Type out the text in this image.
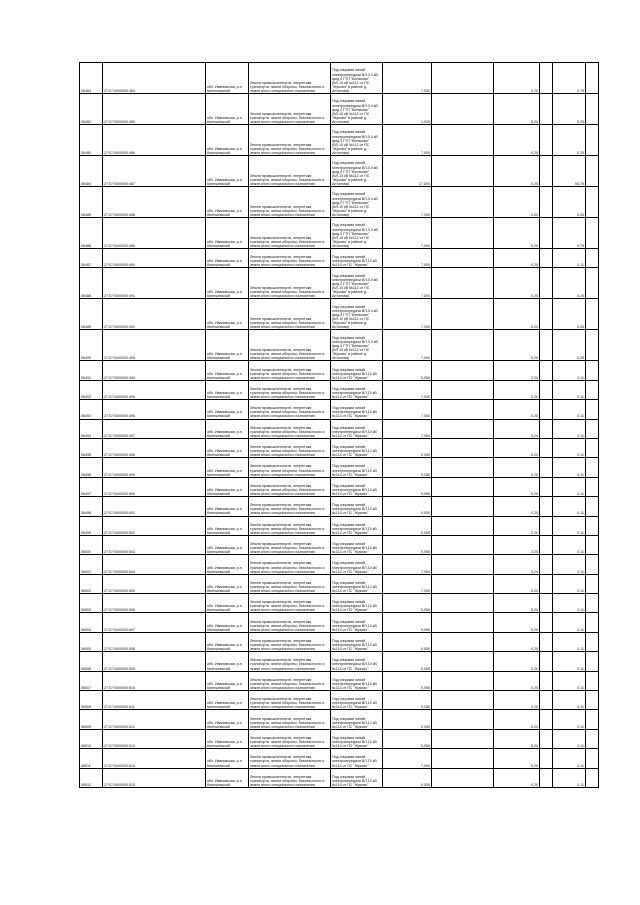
06484	27:07:0000000:484	обл. Ивановская, р-н Кинешемский	Земли промышленности, энергетики, транспорта, земли обороны, безопасности и земли иного специального назначения	Под опорами линий электропередачи ВЛ-0,4 кВ фид.4 ГТП "Беляково" (ВЛ-10 кВ №112 от ПС "Жуково" в районе д. Антонова)	7,000		0,20		0,75	
06482	27:07:0000000:485	обл. Ивановская, р-н Кинешемский	Земли промышленности, энергетики, транспорта, земли обороны, безопасности и земли иного специального назначения	Под опорами линий электропередачи ВЛ-0,4 кВ фид.2 ГТП "Беляково" (ВЛ-10 кВ №112 от ПС "Жуково" в районе д. Антонова)	1,000		0,20		0,25	
06480	27:07:0000000:486	обл. Ивановская, р-н Кинешемский	Земли промышленности, энергетики, транспорта, земли обороны, безопасности и земли иного специального назначения	Под опорами линий электропередачи ВЛ-0,4 кВ фид.3 ГТП "Беляково" (ВЛ-10 кВ №112 от ПС "Жуково" в районе д. Антонова)	7,000		0,20		0,25	
06484	27:07:0000000:487	обл. Ивановская, р-н Кинешемский	Земли промышленности, энергетики, транспорта, земли обороны, безопасности и земли иного специального назначения	Под опорами линий электропередачи ВЛ-0,4 кВ фид.4 ГТП "Беляково" (ВЛ-10 кВ №112 от ПС "Жуково" в районе д. Антонова)	17,000		0,20		54,75	
06489	27:07:0000000:488	обл. Ивановская, р-н Кинешемский	Земли промышленности, энергетики, транспорта, земли обороны, безопасности и земли иного специального назначения	Под опорами линий электропередачи ВЛ-0,4 кВ фид.2 ГТП "Беляково" (ВЛ-10 кВ №112 от ПС "Жуково" в районе д. Антонова)	7,000		2,00		0,25	
06486	27:07:0000000:489	обл. Ивановская, р-н Кинешемский	Земли промышленности, энергетики, транспорта, земли обороны, безопасности и земли иного специального назначения	Под опорами линий электропередачи ВЛ-0,4 кВ фид.3 ГТП "Беляково" (ВЛ-10 кВ №112 от ПС "Жуково" в районе д. Антонова)	7,000		0,20		0,75	
06487	27:07:0000000:490	обл. Ивановская, р-н Кинешемский	Земли промышленности, энергетики, транспорта, земли обороны, безопасности и земли иного специального назначения	Под опорами линий электропередачи ВЛ-10 кВ №114 от ПС "Жуково"	7,000		0,20		0,11	
06488	27:07:0000000:491	обл. Ивановская, р-н Кинешемский	Земли промышленности, энергетики, транспорта, земли обороны, безопасности и земли иного специального назначения	Под опорами линий электропередачи ВЛ-0,4 кВ фид.2 ГТП "Беляково" (ВЛ-10 кВ №112 от ПС "Жуково" в районе д. Антонова)	7,000		0,20		0,25	
06489	27:07:0000000:492	обл. Ивановская, р-н Кинешемский	Земли промышленности, энергетики, транспорта, земли обороны, безопасности и земли иного специального назначения	Под опорами линий электропередачи ВЛ-0,4 кВ фид.3 ГТП "Беляково" (ВЛ-10 кВ №112 от ПС "Жуково" в районе д. Антонова)	7,000		0,20		0,25	
06490	27:07:0000000:493	обл. Ивановская, р-н Кинешемский	Земли промышленности, энергетики, транспорта, земли обороны, безопасности и земли иного специального назначения	Под опорами линий электропередачи ВЛ-0,4 кВ фид.4 ГТП "Беляково" (ВЛ-10 кВ №112 от ПС "Жуково" в районе д. Антонова)	7,000		0,20		0,25	
06491	27:07:0000000:494	обл. Ивановская, р-н Кинешемский	Земли промышленности, энергетики, транспорта, земли обороны, безопасности и земли иного специального назначения	Под опорами линий электропередачи ВЛ-10 кВ №114 от ПС "Жуково"	0,050		2,20		0,11	
06492	27:07:0000000:495	обл. Ивановская, р-н Кинешемский	Земли промышленности, энергетики, транспорта, земли обороны, безопасности и земли иного специального назначения	Под опорами линий электропередачи ВЛ-10 кВ №114 от ПС "Жуково"	7,000		0,20		0,11	
06493	27:07:0000000:496	обл. Ивановская, р-н Кинешемский	Земли промышленности, энергетики, транспорта, земли обороны, безопасности и земли иного специального назначения	Под опорами линий электропередачи ВЛ-10 кВ №114 от ПС "Жуково"	7,000		0,20		0,11	
06494	27:07:0000000:497	обл. Ивановская, р-н Кинешемский	Земли промышленности, энергетики, транспорта, земли обороны, безопасности и земли иного специального назначения	Под опорами линий электропередачи ВЛ-10 кВ №114 от ПС "Жуково"	7,000		0,20		0,11	
06495	27:07:0000000:498	обл. Ивановская, р-н Кинешемский	Земли промышленности, энергетики, транспорта, земли обороны, безопасности и земли иного специального назначения	Под опорами линий электропередачи ВЛ-10 кВ №114 от ПС "Жуково"	0,050		0,20		0,11	
06496	27:07:0000000:499	обл. Ивановская, р-н Кинешемский	Земли промышленности, энергетики, транспорта, земли обороны, безопасности и земли иного специального назначения	Под опорами линий электропередачи ВЛ-10 кВ №114 от ПС "Жуково"	0,050		0,20		0,11	
06497	27:07:0000000:500	обл. Ивановская, р-н Кинешемский	Земли промышленности, энергетики, транспорта, земли обороны, безопасности и земли иного специального назначения	Под опорами линий электропередачи ВЛ-10 кВ №114 от ПС "Жуково"	0,050		0,20		0,11	
06498	27:07:0000000:501	обл. Ивановская, р-н Кинешемский	Земли промышленности, энергетики, транспорта, земли обороны, безопасности и земли иного специального назначения	Под опорами линий электропередачи ВЛ-10 кВ №114 от ПС "Жуково"	0,050		0,20		0,11	
06499	27:07:0000000:502	обл. Ивановская, р-н Кинешемский	Земли промышленности, энергетики, транспорта, земли обороны, безопасности и земли иного специального назначения	Под опорами линий электропередачи ВЛ-10 кВ №114 от ПС "Жуково"	0,050		2,20		0,11	
06500	27:07:0000000:503	обл. Ивановская, р-н Кинешемский	Земли промышленности, энергетики, транспорта, земли обороны, безопасности и земли иного специального назначения	Под опорами линий электропередачи ВЛ-10 кВ №114 от ПС "Жуково"	0,050		2,20		0,11	
06501	27:07:0000000:504	обл. Ивановская, р-н Кинешемский	Земли промышленности, энергетики, транспорта, земли обороны, безопасности и земли иного специального назначения	Под опорами линий электропередачи ВЛ-10 кВ №114 от ПС "Жуково"	7,000		0,20		0,11	
06502	27:07:0000000:505	обл. Ивановская, р-н Кинешемский	Земли промышленности, энергетики, транспорта, земли обороны, безопасности и земли иного специального назначения	Под опорами линий электропередачи ВЛ-10 кВ №114 от ПС "Жуково"	7,000		0,20		0,11	
06503	27:07:0000000:506	обл. Ивановская, р-н Кинешемский	Земли промышленности, энергетики, транспорта, земли обороны, безопасности и земли иного специального назначения	Под опорами линий электропередачи ВЛ-10 кВ №114 от ПС "Жуково"	0,050		0,20		0,11	
06504	27:07:0000000:507	обл. Ивановская, р-н Кинешемский	Земли промышленности, энергетики, транспорта, земли обороны, безопасности и земли иного специального назначения	Под опорами линий электропередачи ВЛ-10 кВ №114 от ПС "Жуково"	0,050		0,20		0,11	
06505	27:07:0000000:508	обл. Ивановская, р-н Кинешемский	Земли промышленности, энергетики, транспорта, земли обороны, безопасности и земли иного специального назначения	Под опорами линий электропередачи ВЛ-10 кВ №114 от ПС "Жуково"	0,050		0,20		0,11	
06506	27:07:0000000:509	обл. Ивановская, р-н Кинешемский	Земли промышленности, энергетики, транспорта, земли обороны, безопасности и земли иного специального назначения	Под опорами линий электропередачи ВЛ-10 кВ №114 от ПС "Жуково"	0,050		0,20		0,11	
06507	27:07:0000000:510	обл. Ивановская, р-н Кинешемский	Земли промышленности, энергетики, транспорта, земли обороны, безопасности и земли иного специального назначения	Под опорами линий электропередачи ВЛ-10 кВ №114 от ПС "Жуково"	0,050		0,20		0,11	
06508	27:07:0000000:511	обл. Ивановская, р-н Кинешемский	Земли промышленности, энергетики, транспорта, земли обороны, безопасности и земли иного специального назначения	Под опорами линий электропередачи ВЛ-10 кВ №114 от ПС "Жуково"	0,050		2,20		0,11	
06509	27:07:0000000:512	обл. Ивановская, р-н Кинешемский	Земли промышленности, энергетики, транспорта, земли обороны, безопасности и земли иного специального назначения	Под опорами линий электропередачи ВЛ-10 кВ №114 от ПС "Жуково"	0,050		0,20		0,11	
06510	27:07:0000000:513	обл. Ивановская, р-н Кинешемский	Земли промышленности, энергетики, транспорта, земли обороны, безопасности и земли иного специального назначения	Под опорами линий электропередачи ВЛ-10 кВ №114 от ПС "Жуково"	0,050		0,20		0,11	
06511	27:07:0000000:514	обл. Ивановская, р-н Кинешемский	Земли промышленности, энергетики, транспорта, земли обороны, безопасности и земли иного специального назначения	Под опорами линий электропередачи ВЛ-10 кВ №114 от ПС "Жуково"	7,000		0,20		0,11	
06512	27:07:0000000:515	обл. Ивановская, р-н Кинешемский	Земли промышленности, энергетики, транспорта, земли обороны, безопасности и земли иного специального назначения	Под опорами линий электропередачи ВЛ-10 кВ №114 от ПС "Жуково"	0,050		0,20		0,11	
